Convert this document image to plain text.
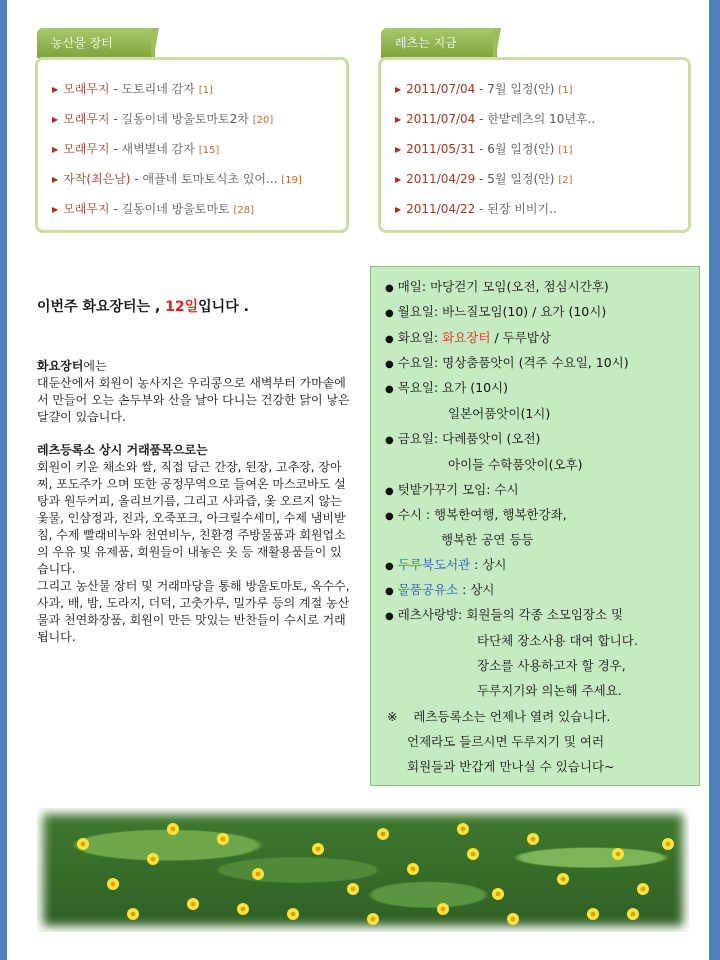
농산물 장터
▶ 모래무지 - 도토리네 감자 [1]
▶ 모래무지 - 길동이네 방울토마토2차 [20]
▶ 모래무지 - 새벽별네 감자 [15]
▶ 자작(최은남) - 애플네 토마토식초 있어... [19]
▶ 모래무지 - 길동이네 방울토마토 [28]
레츠는 지금
▶ 2011/07/04 - 7월 일정(안) [1]
▶ 2011/07/04 - 한밭레츠의 10년후..
▶ 2011/05/31 - 6월 일정(안) [1]
▶ 2011/04/29 - 5월 일정(안) [2]
▶ 2011/04/22 - 된장 비비기..
이번주 화요장터는 , 12일입니다 .

화요장터에는
대둔산에서 회원이 농사지은 우리콩으로 새벽부터 가마솥에서 만들어 오는 손두부와 산을 날아 다니는 건강한 닭이 낳은 달걀이 있습니다.

레츠등록소 상시 거래품목으로는
회원이 키운 채소와 쌀, 직접 담근 간장, 된장, 고추장, 장아찌, 포도주가 으며 또한 공정무역으로 들여온 마스코바도 설탕과 원두커피, 올리브기름, 그리고 사과즙, 옻 오르지 않는 옻물, 인삼정과, 진과, 오죽포크, 아크릴수세미, 수제 냄비받침, 수제 빨래비누와 천연비누, 친환경 주방물품과 회원업소의 우유 및 유제품, 회원들이 내놓은 옷 등 재활용품들이 있습니다.
그리고 농산물 장터 및 거래마당을 통해 방울토마토, 옥수수, 사과, 배, 밤, 도라지, 더덕, 고춧가루, 밀가루 등의 계절 농산물과 천연화장품, 회원이 만든 맛있는 반찬들이 수시로 거래됩니다.

● 매일: 마당걷기 모임(오전, 점심시간후)
● 월요일: 바느질모임(10) / 요가 (10시)
● 화요일: 화요장터 / 두루밥상
● 수요일: 명상춤품앗이 (격주 수요일, 10시)
● 목요일: 요가 (10시)
일본어품앗이(1시)
● 금요일: 다례품앗이 (오전)
아이들 수학품앗이(오후)
● 텃밭가꾸기 모임: 수시
● 수시 : 행복한여행, 행복한강좌,
행복한 공연 등등
● 두루북도서관 : 상시
● 물품공유소 : 상시
● 레츠사랑방: 회원들의 각종 소모임장소 및
타단체 장소사용 대여 합니다.
장소를 사용하고자 할 경우,
두루지기와 의논해 주세요.
※ 레츠등록소는 언제나 열려 있습니다.
언제라도 들르시면 두루지기 및 여러
회원들과 반갑게 만나실 수 있습니다~
